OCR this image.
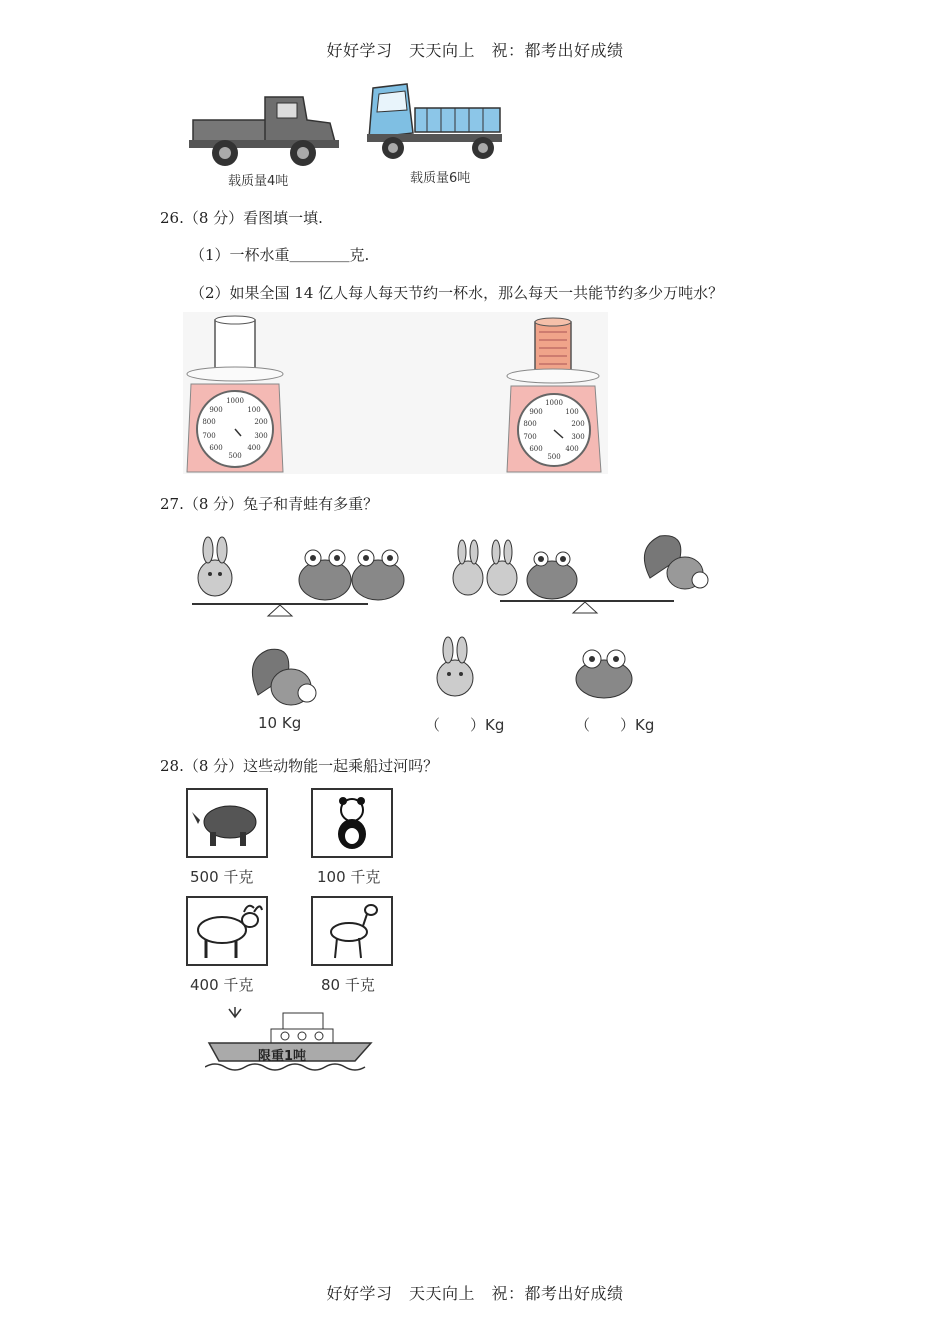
好好学习　天天向上　祝：都考出好成绩
载质量4吨	载质量6吨
26.（8 分）看图填一填.
（1）一杯水重＿＿＿＿克.
（2）如果全国 14 亿人每人每天节约一杯水，那么每天一共能节约多少万吨水？
1000
900	100
800	200
700	300
600	400
500
1000
900	100
800	200
700	300
600	400
500
27.（8 分）兔子和青蛙有多重？
10 Kg	（　　）Kg	（　　）Kg
28.（8 分）这些动物能一起乘船过河吗？
500 千克	100 千克
400 千克	80 千克
限重1吨
好好学习　天天向上　祝：都考出好成绩
